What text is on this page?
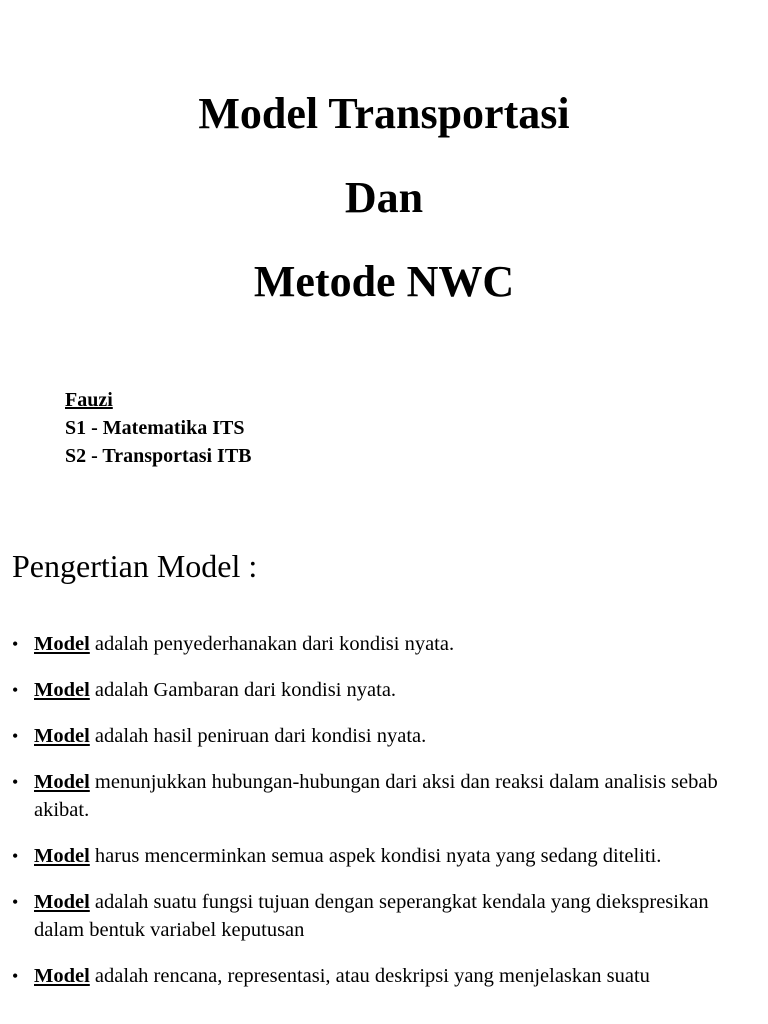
Model Transportasi

Dan

Metode NWC

Fauzi
S1 - Matematika ITS
S2 - Transportasi ITB
Pengertian Model :
• Model adalah penyederhanakan dari kondisi nyata.
• Model adalah Gambaran dari kondisi nyata.
• Model adalah hasil peniruan dari kondisi nyata.
• Model menunjukkan hubungan-hubungan dari aksi dan reaksi dalam analisis sebab akibat.
• Model harus mencerminkan semua aspek kondisi nyata yang sedang diteliti.
• Model adalah suatu fungsi tujuan dengan seperangkat kendala yang diekspresikan dalam bentuk variabel keputusan
• Model adalah rencana, representasi, atau deskripsi yang menjelaskan suatu
